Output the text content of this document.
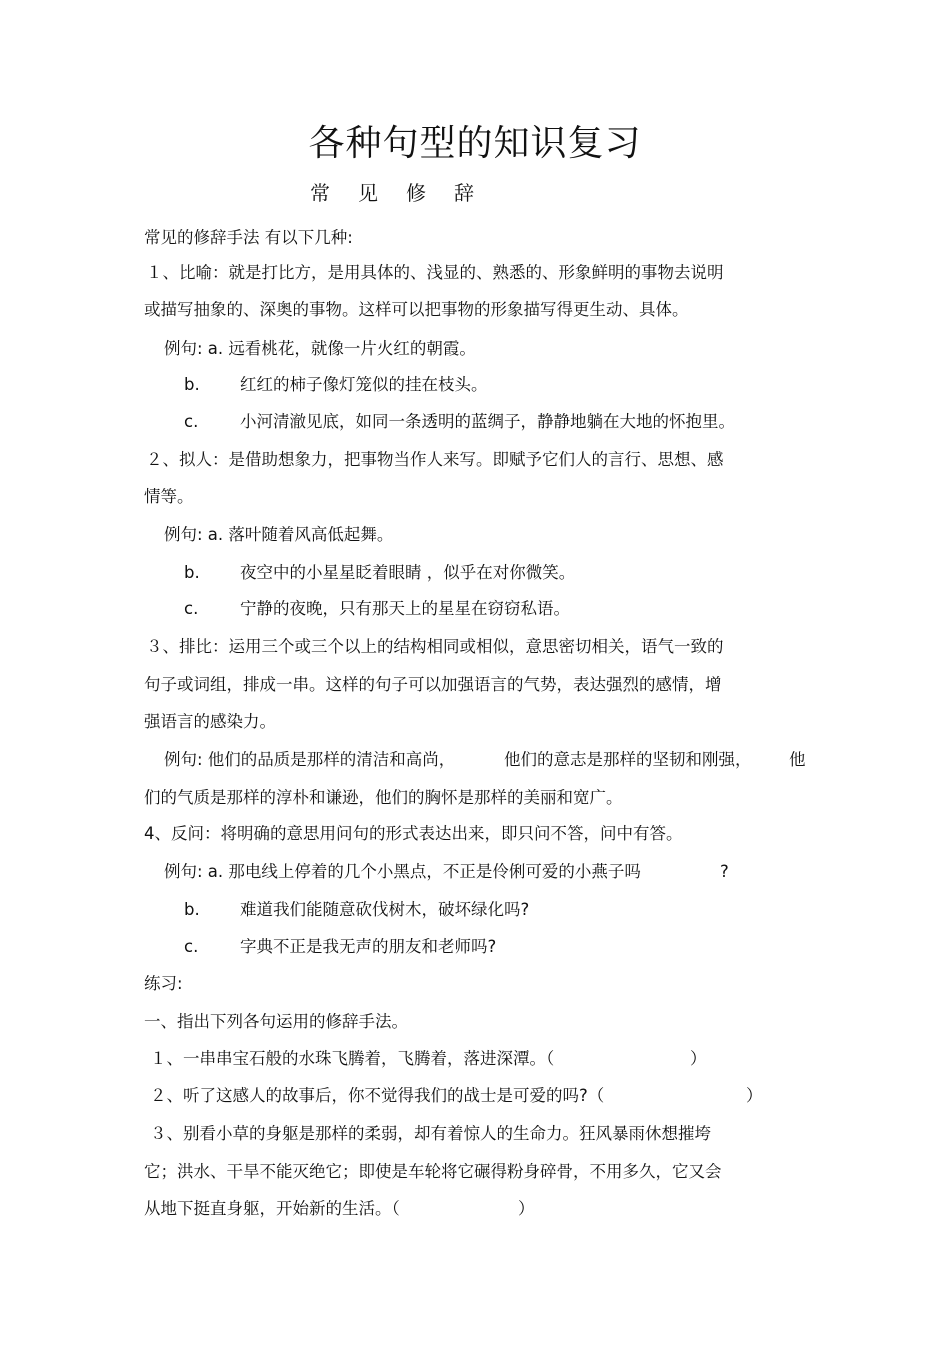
各种句型的知识复习
常见修辞
常见的修辞手法 有以下几种:
１、比喻：就是打比方，是用具体的、浅显的、熟悉的、形象鲜明的事物去说明
或描写抽象的、深奥的事物。这样可以把事物的形象描写得更生动、具体。
例句: a. 远看桃花，就像一片火红的朝霞。
b. 红红的柿子像灯笼似的挂在枝头。
c.	小河清澈见底，如同一条透明的蓝绸子，静静地躺在大地的怀抱里。
２、拟人：是借助想象力，把事物当作人来写。即赋予它们人的言行、思想、感
情等。
例句: a. 落叶随着风高低起舞。
b. 夜空中的小星星眨着眼睛 ，似乎在对你微笑。
c.	宁静的夜晚，只有那天上的星星在窃窃私语。
３、排比：运用三个或三个以上的结构相同或相似，意思密切相关，语气一致的
句子或词组，排成一串。这样的句子可以加强语言的气势，表达强烈的感情，增
强语言的感染力。
例句: 他们的品质是那样的清洁和高尚，	他们的意志是那样的坚韧和刚强， 他
们的气质是那样的淳朴和谦逊，他们的胸怀是那样的美丽和宽广。
4、反问：将明确的意思用问句的形式表达出来，即只问不答，问中有答。
例句: a. 那电线上停着的几个小黑点，不正是伶俐可爱的小燕子吗	?
b. 难道我们能随意砍伐树木，破坏绿化吗?
c.	字典不正是我无声的朋友和老师吗?
练习:
一、指出下列各句运用的修辞手法。
１、一串串宝石般的水珠飞腾着，飞腾着，落进深潭。（	）
２、听了这感人的故事后，你不觉得我们的战士是可爱的吗?（	）
３、别看小草的身躯是那样的柔弱，却有着惊人的生命力。狂风暴雨休想摧垮
它；洪水、干旱不能灭绝它；即使是车轮将它碾得粉身碎骨，不用多久，它又会
从地下挺直身躯，开始新的生活。（	）
